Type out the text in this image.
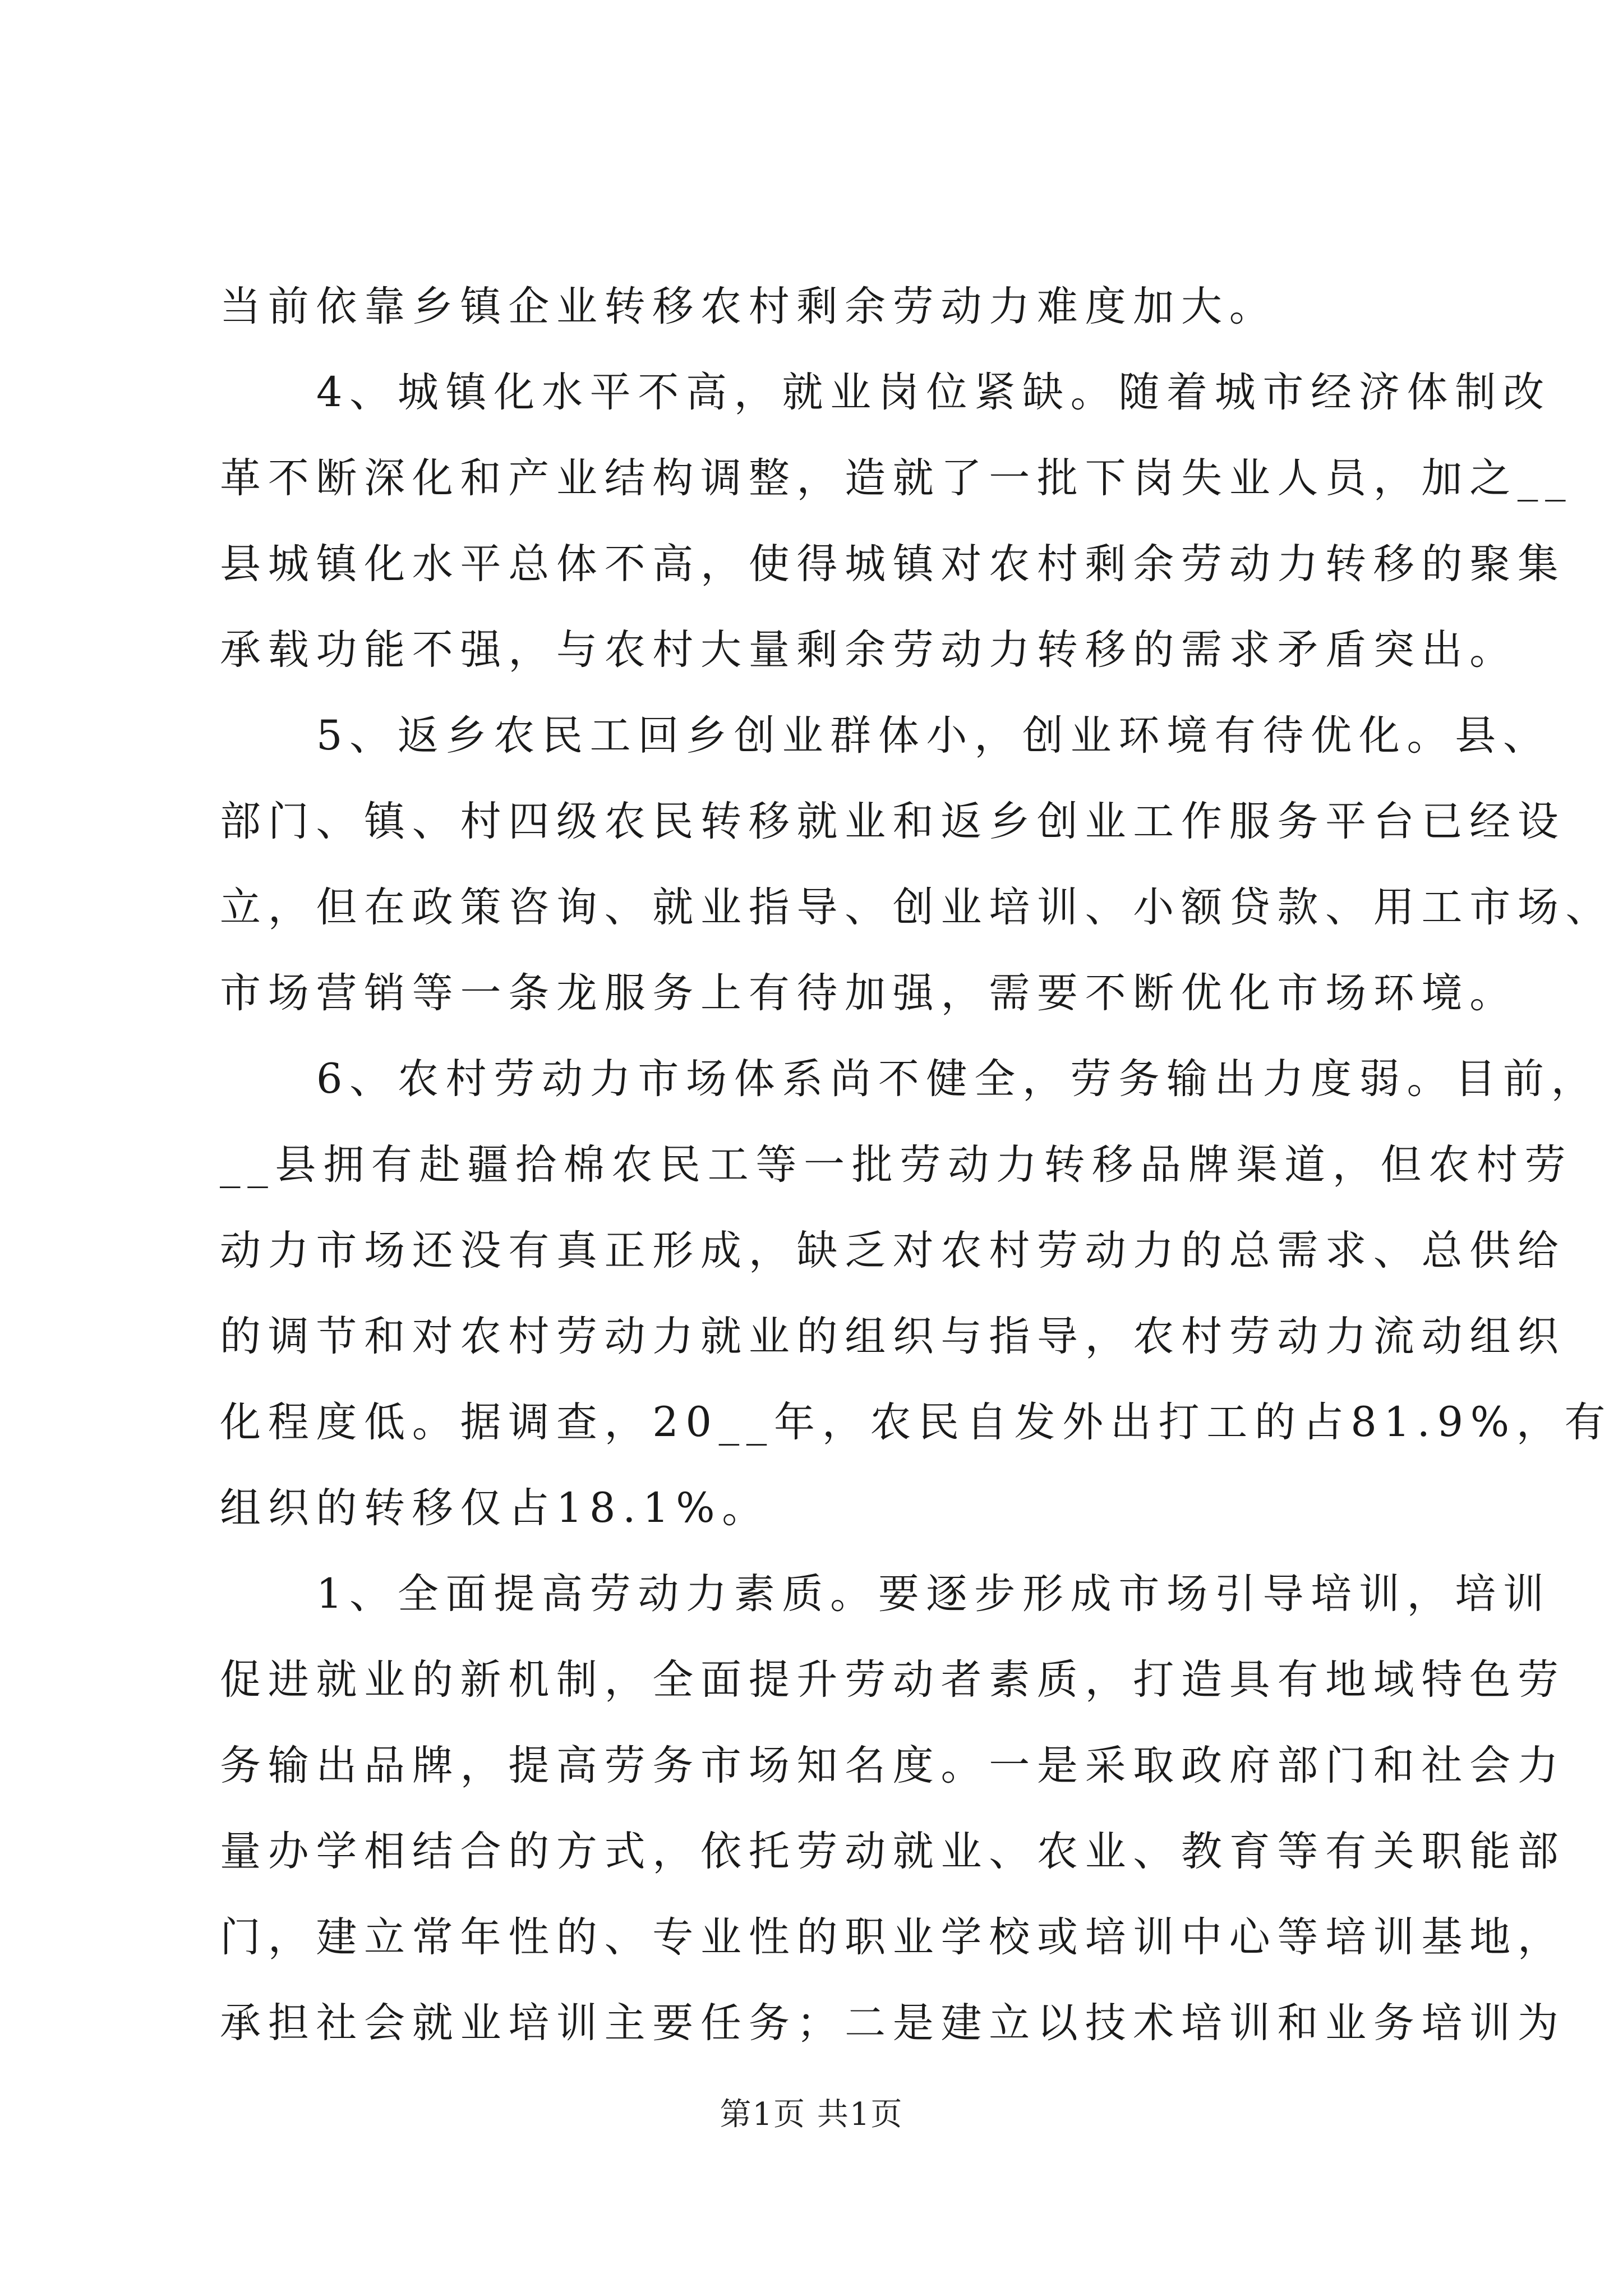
当前依靠乡镇企业转移农村剩余劳动力难度加大。
4、城镇化水平不高，就业岗位紧缺。随着城市经济体制改
革不断深化和产业结构调整，造就了一批下岗失业人员，加之__
县城镇化水平总体不高，使得城镇对农村剩余劳动力转移的聚集
承载功能不强，与农村大量剩余劳动力转移的需求矛盾突出。
5、返乡农民工回乡创业群体小，创业环境有待优化。县、
部门、镇、村四级农民转移就业和返乡创业工作服务平台已经设
立，但在政策咨询、就业指导、创业培训、小额贷款、用工市场、
市场营销等一条龙服务上有待加强，需要不断优化市场环境。
6、农村劳动力市场体系尚不健全，劳务输出力度弱。目前，
__县拥有赴疆拾棉农民工等一批劳动力转移品牌渠道，但农村劳
动力市场还没有真正形成，缺乏对农村劳动力的总需求、总供给
的调节和对农村劳动力就业的组织与指导，农村劳动力流动组织
化程度低。据调查，20__年，农民自发外出打工的占81.9%，有
组织的转移仅占18.1%。
1、全面提高劳动力素质。要逐步形成市场引导培训，培训
促进就业的新机制，全面提升劳动者素质，打造具有地域特色劳
务输出品牌，提高劳务市场知名度。一是采取政府部门和社会力
量办学相结合的方式，依托劳动就业、农业、教育等有关职能部
门，建立常年性的、专业性的职业学校或培训中心等培训基地，
承担社会就业培训主要任务；二是建立以技术培训和业务培训为
第1页 共1页
